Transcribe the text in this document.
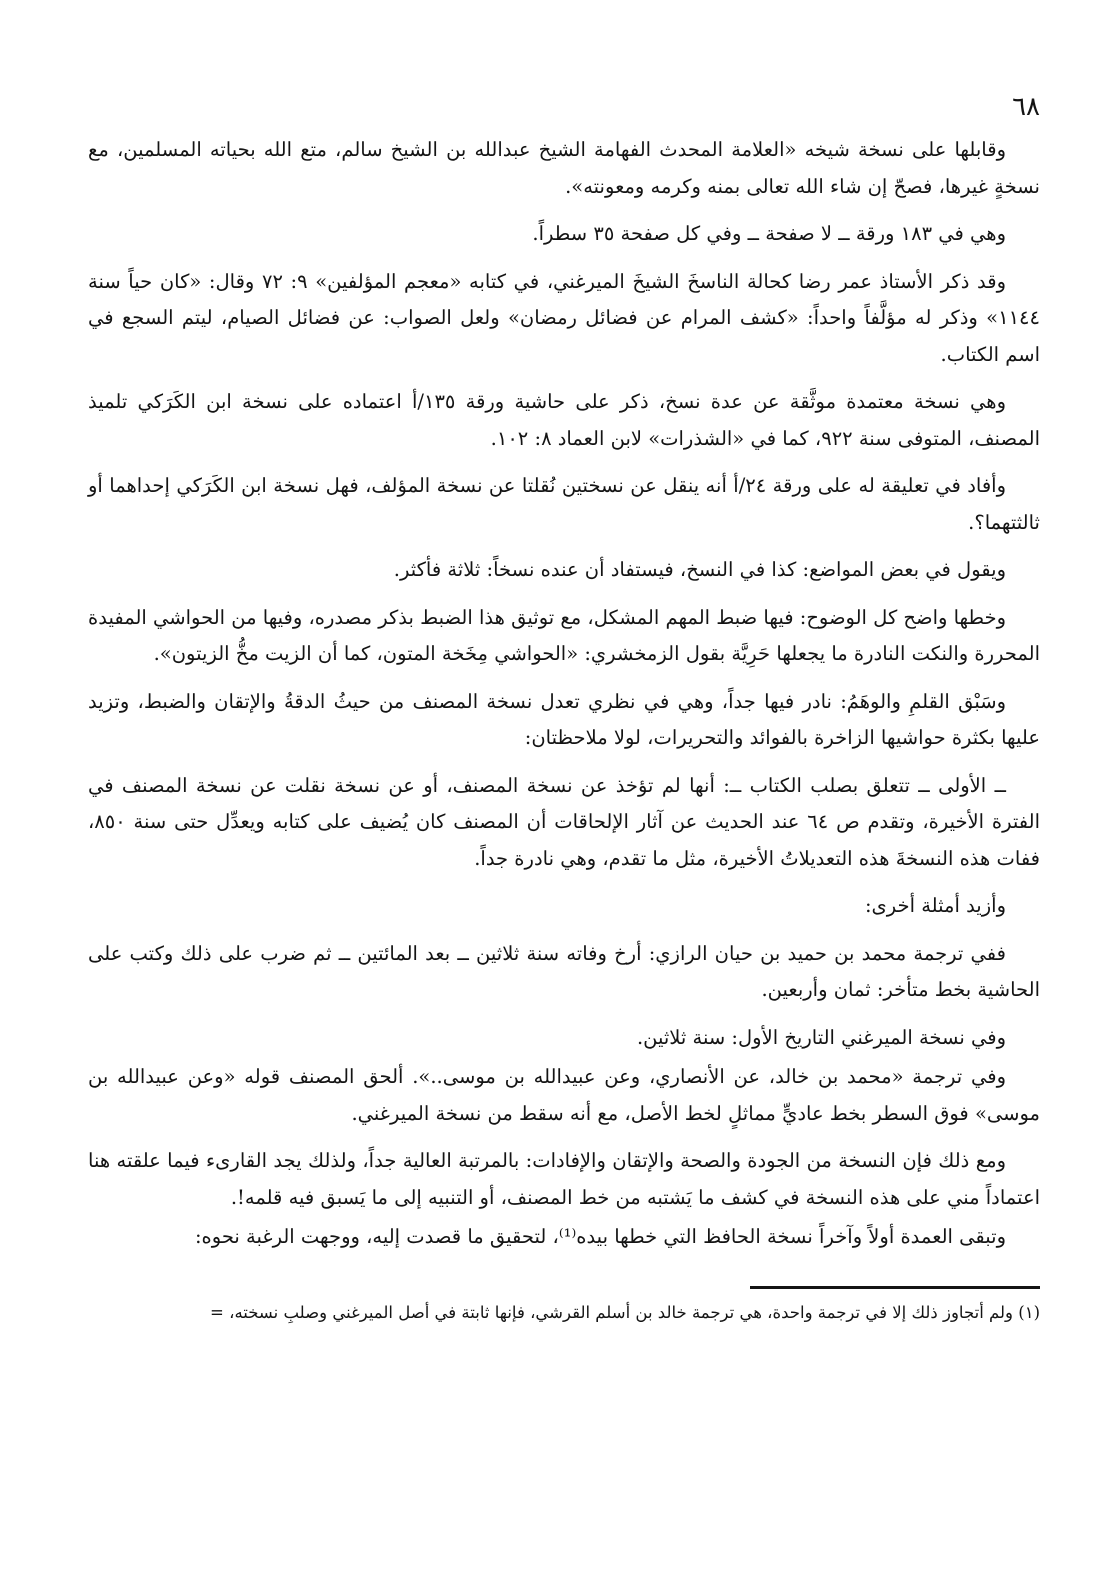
٦٨

وقابلها على نسخة شيخه «العلامة المحدث الفهامة الشيخ عبدالله بن الشيخ سالم، متع الله بحياته المسلمين، مع نسخةٍ غيرها، فصحّ إن شاء الله تعالى بمنه وكرمه ومعونته».

وهي في ١٨٣ ورقة ــ لا صفحة ــ وفي كل صفحة ٣٥ سطراً.

وقد ذكر الأستاذ عمر رضا كحالة الناسخَ الشيخَ الميرغني، في كتابه «معجم المؤلفين» ٩: ٧٢ وقال: «كان حياً سنة ١١٤٤» وذكر له مؤلَّفاً واحداً: «كشف المرام عن فضائل رمضان» ولعل الصواب: عن فضائل الصيام، ليتم السجع في اسم الكتاب.

وهي نسخة معتمدة موثَّقة عن عدة نسخ، ذكر على حاشية ورقة ١٣٥/أ اعتماده على نسخة ابن الكَرَكي تلميذ المصنف، المتوفى سنة ٩٢٢، كما في «الشذرات» لابن العماد ٨: ١٠٢.

وأفاد في تعليقة له على ورقة ٢٤/أ أنه ينقل عن نسختين نُقلتا عن نسخة المؤلف، فهل نسخة ابن الكَرَكي إحداهما أو ثالثتهما؟.

ويقول في بعض المواضع: كذا في النسخ، فيستفاد أن عنده نسخاً: ثلاثة فأكثر.

وخطها واضح كل الوضوح: فيها ضبط المهم المشكل، مع توثيق هذا الضبط بذكر مصدره، وفيها من الحواشي المفيدة المحررة والنكت النادرة ما يجعلها حَرِيَّة بقول الزمخشري: «الحواشي مِخَخة المتون، كما أن الزيت مخُّ الزيتون».

وسَبْق القلمِ والوهَمُ: نادر فيها جداً، وهي في نظري تعدل نسخة المصنف من حيثُ الدقةُ والإتقان والضبط، وتزيد عليها بكثرة حواشيها الزاخرة بالفوائد والتحريرات، لولا ملاحظتان:

ــ الأولى ــ تتعلق بصلب الكتاب ــ: أنها لم تؤخذ عن نسخة المصنف، أو عن نسخة نقلت عن نسخة المصنف في الفترة الأخيرة، وتقدم ص ٦٤ عند الحديث عن آثار الإلحاقات أن المصنف كان يُضيف على كتابه ويعدِّل حتى سنة ٨٥٠، ففات هذه النسخةَ هذه التعديلاتُ الأخيرة، مثل ما تقدم، وهي نادرة جداً.

وأزيد أمثلة أخرى:

ففي ترجمة محمد بن حميد بن حيان الرازي: أرخ وفاته سنة ثلاثين ــ بعد المائتين ــ ثم ضرب على ذلك وكتب على الحاشية بخط متأخر: ثمان وأربعين.

وفي نسخة الميرغني التاريخ الأول: سنة ثلاثين.

وفي ترجمة «محمد بن خالد، عن الأنصاري، وعن عبيدالله بن موسى..». ألحق المصنف قوله «وعن عبيدالله بن موسى» فوق السطر بخط عاديٍّ مماثلٍ لخط الأصل، مع أنه سقط من نسخة الميرغني.

ومع ذلك فإن النسخة من الجودة والصحة والإتقان والإفادات: بالمرتبة العالية جداً، ولذلك يجد القارىء فيما علقته هنا اعتماداً مني على هذه النسخة في كشف ما يَشتبه من خط المصنف، أو التنبيه إلى ما يَسبق فيه قلمه!.

وتبقى العمدة أولاً وآخراً نسخة الحافظ التي خطها بيده⁽¹⁾، لتحقيق ما قصدت إليه، ووجهت الرغبة نحوه:

(١) ولم أتجاوز ذلك إلا في ترجمة واحدة، هي ترجمة خالد بن أسلم القرشي، فإنها ثابتة في أصل الميرغني وصلبِ نسخته، =
